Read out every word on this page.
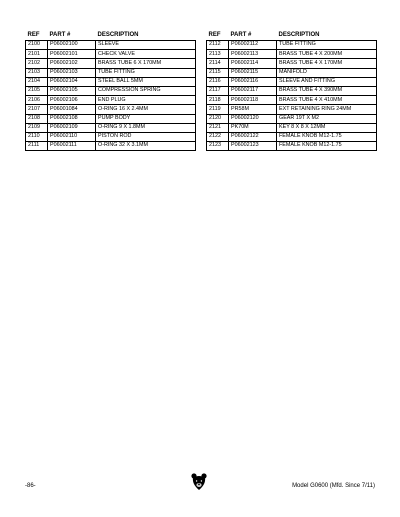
REF	PART #	DESCRIPTION
2100	P06002100	SLEEVE
2101	P06002101	CHECK VALVE
2102	P06002102	BRASS TUBE 6 X 170MM
2103	P06002103	TUBE FITTING
2104	P06002104	STEEL BALL 5MM
2105	P06002105	COMPRESSION SPRING
2106	P06002106	END PLUG
2107	P06001084	O-RING 16 X 2.4MM
2108	P06002108	PUMP BODY
2109	P06002109	O-RING 9 X 1.8MM
2110	P06002110	PISTON ROD
2111	P06002111	O-RING 32 X 3.1MM
REF	PART #	DESCRIPTION
2112	P06002112	TUBE FITTING
2113	P06002113	BRASS TUBE 4 X 200MM
2114	P06002114	BRASS TUBE 4 X 170MM
2115	P06002115	MANIFOLD
2116	P06002116	SLEEVE AND FITTING
2117	P06002117	BRASS TUBE 4 X 390MM
2118	P06002118	BRASS TUBE 4 X 410MM
2119	PR58M	EXT RETAINING RING 24MM
2120	P06002120	GEAR 19T X M2
2121	PK70M	KEY 8 X 8 X 12MM
2122	P06002122	FEMALE KNOB M12-1.75
2123	P06002123	FEMALE KNOB M12-1.75
-86-	Model G0600 (Mfd. Since 7/11)
